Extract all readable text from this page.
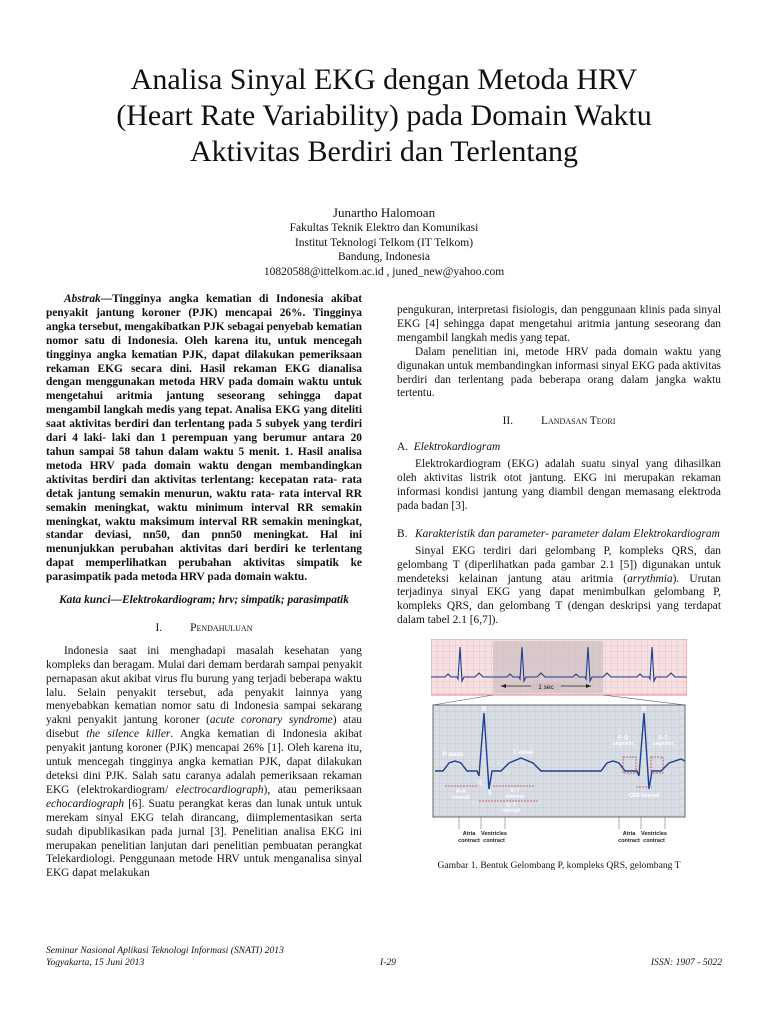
Analisa Sinyal EKG dengan Metoda HRV
(Heart Rate Variability) pada Domain Waktu
Aktivitas Berdiri dan Terlentang
Junartho Halomoan
Fakultas Teknik Elektro dan Komunikasi
Institut Teknologi Telkom (IT Telkom)
Bandung, Indonesia
10820588@ittelkom.ac.id , juned_new@yahoo.com

Abstrak—Tingginya angka kematian di Indonesia akibat penyakit jantung koroner (PJK) mencapai 26%. Tingginya angka tersebut, mengakibatkan PJK sebagai penyebab kematian nomor satu di Indonesia. Oleh karena itu, untuk mencegah tingginya angka kematian PJK, dapat dilakukan pemeriksaan rekaman EKG secara dini. Hasil rekaman EKG dianalisa dengan menggunakan metoda HRV pada domain waktu untuk mengetahui aritmia jantung seseorang sehingga dapat mengambil langkah medis yang tepat. Analisa EKG yang diteliti saat aktivitas berdiri dan terlentang pada 5 subyek yang terdiri dari 4 laki- laki dan 1 perempuan yang berumur antara 20 tahun sampai 58 tahun dalam waktu 5 menit. 1. Hasil analisa metoda HRV pada domain waktu dengan membandingkan aktivitas berdiri dan aktivitas terlentang: kecepatan rata- rata detak jantung semakin menurun, waktu rata- rata interval RR semakin meningkat, waktu minimum interval RR semakin meningkat, waktu maksimum interval RR semakin meningkat, standar deviasi, nn50, dan pnn50 meningkat. Hal ini menunjukkan perubahan aktivitas dari berdiri ke terlentang dapat memperlihatkan perubahan aktivitas simpatik ke parasimpatik pada metoda HRV pada domain waktu.

Kata kunci—Elektrokardiogram; hrv; simpatik; parasimpatik

I. Pendahuluan

Indonesia saat ini menghadapi masalah kesehatan yang kompleks dan beragam. Mulai dari demam berdarah sampai penyakit pernapasan akut akibat virus flu burung yang terjadi beberapa waktu lalu. Selain penyakit tersebut, ada penyakit lainnya yang menyebabkan kematian nomor satu di Indonesia sampai sekarang yakni penyakit jantung koroner (acute coronary syndrome) atau disebut the silence killer. Angka kematian di Indonesia akibat penyakit jantung koroner (PJK) mencapai 26% [1]. Oleh karena itu, untuk mencegah tingginya angka kematian PJK, dapat dilakukan deteksi dini PJK. Salah satu caranya adalah pemeriksaan rekaman EKG (elektrokardiogram/ electrocardiograph), atau pemeriksaan echocardiograph [6]. Suatu perangkat keras dan lunak untuk untuk merekam sinyal EKG telah dirancang, diimplementasikan serta sudah dipublikasikan pada jurnal [3]. Penelitian analisa EKG ini merupakan penelitian lanjutan dari penelitian pembuatan perangkat Telekardiologi. Penggunaan metode HRV untuk menganalisa sinyal EKG dapat melakukan

pengukuran, interpretasi fisiologis, dan penggunaan klinis pada sinyal EKG [4] sehingga dapat mengetahui aritmia jantung seseorang dan mengambil langkah medis yang tepat.

Dalam penelitian ini, metode HRV pada domain waktu yang digunakan untuk membandingkan informasi sinyal EKG pada aktivitas berdiri dan terlentang pada beberapa orang dalam jangka waktu tertentu.

II. Landasan Teori
A. Elektrokardiogram

Elektrokardiogram (EKG) adalah suatu sinyal yang dihasilkan oleh aktivitas listrik otot jantung. EKG ini merupakan rekaman informasi kondisi jantung yang diambil dengan memasang elektroda pada badan [3].

B. Karakteristik dan parameter- parameter dalam Elektrokardiogram

Sinyal EKG terdiri dari gelombang P, kompleks QRS, dan gelombang T (diperlihatkan pada gambar 2.1 [5]) digunakan untuk mendeteksi kelainan jantung atau aritmia (arrythmia). Urutan terjadinya sinyal EKG yang dapat menimbulkan gelombang P, kompleks QRS, dan gelombang T (dengan deskripsi yang terdapat dalam tabel 2.1 [6,7]).

1 sec
R	R
P wave	T wave
Q
S
P–R
interval
S–T
interval
Q–T
interval
P–Q
segment
S–T
segment
QRS interval
Atria
contract
Ventricles
contract
Atria
contract
Ventricles
contract
Gambar 1. Bentuk Gelombang P, kompleks QRS, gelombang T
Seminar Nasional Aplikasi Teknologi Informasi (SNATI) 2013
Yogyakarta, 15 Juni 2013	I-29	ISSN: 1907 - 5022
